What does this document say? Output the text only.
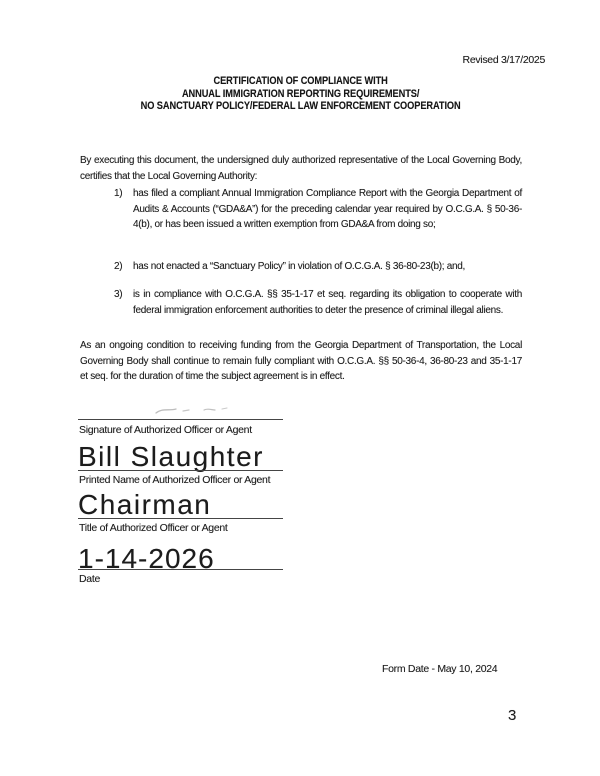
Revised 3/17/2025
CERTIFICATION OF COMPLIANCE WITH
ANNUAL IMMIGRATION REPORTING REQUIREMENTS/
NO SANCTUARY POLICY/FEDERAL LAW ENFORCEMENT COOPERATION

By executing this document, the undersigned duly authorized representative of the Local Governing Body, certifies that the Local Governing Authority:

1)	has filed a compliant Annual Immigration Compliance Report with the Georgia Department of Audits & Accounts (“GDA&A”) for the preceding calendar year required by O.C.G.A. § 50-36-4(b), or has been issued a written exemption from GDA&A from doing so;
2)	has not enacted a “Sanctuary Policy” in violation of O.C.G.A. § 36-80-23(b); and,
3)	is in compliance with O.C.G.A. §§ 35-1-17 et seq. regarding its obligation to cooperate with federal immigration enforcement authorities to deter the presence of criminal illegal aliens.

As an ongoing condition to receiving funding from the Georgia Department of Transportation, the Local Governing Body shall continue to remain fully compliant with O.C.G.A. §§ 50-36-4, 36-80-23 and 35-1-17 et seq. for the duration of time the subject agreement is in effect.

Signature of Authorized Officer or Agent
Bill Slaughter
Printed Name of Authorized Officer or Agent
Chairman
Title of Authorized Officer or Agent
1-14-2026
Date
Form Date - May 10, 2024
3
